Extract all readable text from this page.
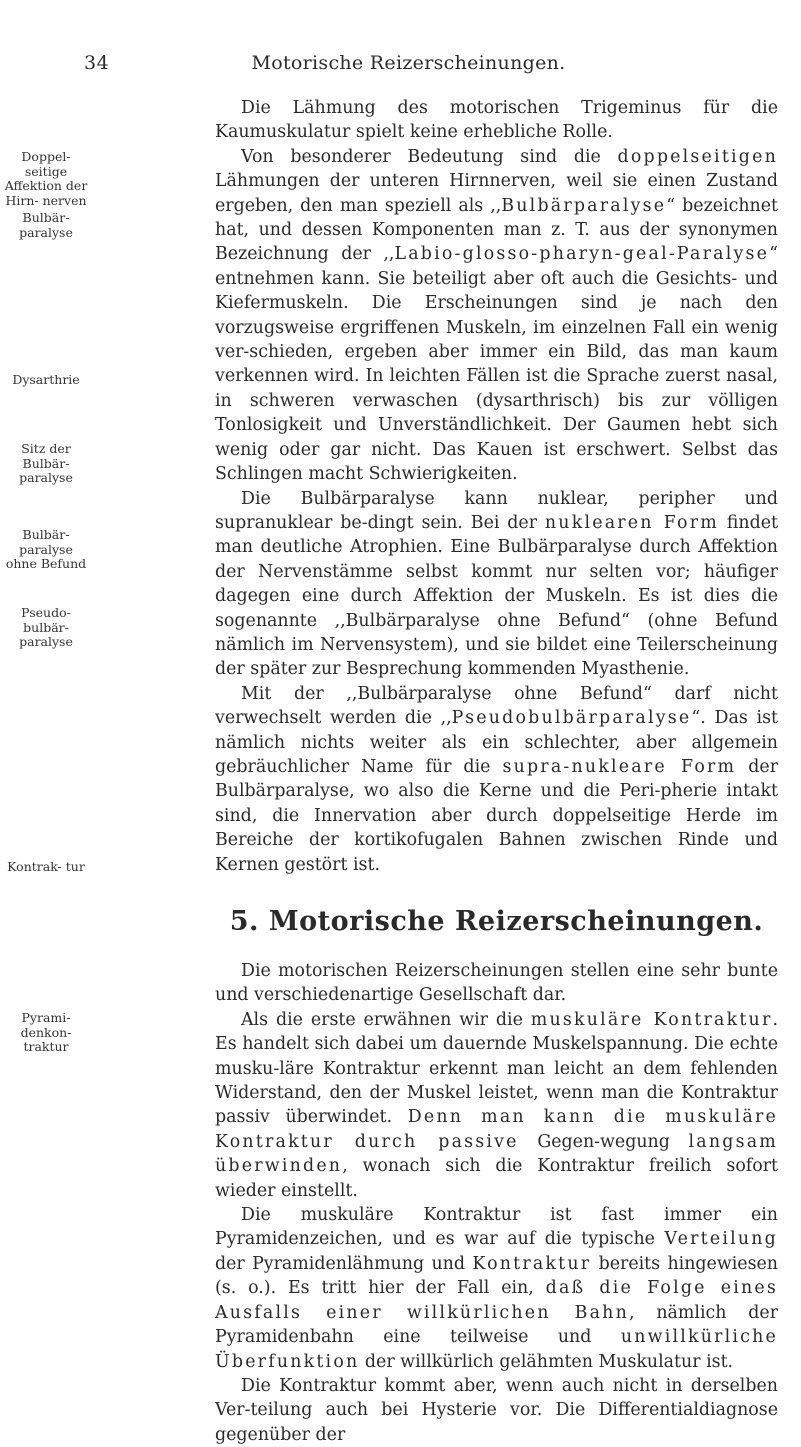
34	Motorische Reizerscheinungen.
Doppel- seitige Affektion der Hirn- nerven
Bulbär- paralyse
Dysarthrie
Sitz der Bulbär- paralyse
Bulbär- paralyse ohne Befund
Pseudo- bulbär- paralyse
Kontrak- tur
Pyrami- denkon- traktur

Die Lähmung des motorischen Trigeminus für die Kaumuskulatur spielt keine erhebliche Rolle.

Von besonderer Bedeutung sind die doppelseitigen Lähmungen der unteren Hirnnerven, weil sie einen Zustand ergeben, den man speziell als ,,Bulbärparalyse“ bezeichnet hat, und dessen Komponenten man z. T. aus der synonymen Bezeichnung der ,,Labio-glosso-pharyn-geal-Paralyse“ entnehmen kann. Sie beteiligt aber oft auch die Gesichts- und Kiefermuskeln. Die Erscheinungen sind je nach den vorzugsweise ergriffenen Muskeln, im einzelnen Fall ein wenig ver-schieden, ergeben aber immer ein Bild, das man kaum verkennen wird. In leichten Fällen ist die Sprache zuerst nasal, in schweren verwaschen (dysarthrisch) bis zur völligen Tonlosigkeit und Unverständlichkeit. Der Gaumen hebt sich wenig oder gar nicht. Das Kauen ist erschwert. Selbst das Schlingen macht Schwierigkeiten.

Die Bulbärparalyse kann nuklear, peripher und supranuklear be-dingt sein. Bei der nuklearen Form findet man deutliche Atrophien. Eine Bulbärparalyse durch Affektion der Nervenstämme selbst kommt nur selten vor; häufiger dagegen eine durch Affektion der Muskeln. Es ist dies die sogenannte ,,Bulbärparalyse ohne Befund“ (ohne Befund nämlich im Nervensystem), und sie bildet eine Teilerscheinung der später zur Besprechung kommenden Myasthenie.

Mit der ,,Bulbärparalyse ohne Befund“ darf nicht verwechselt werden die ,,Pseudobulbärparalyse“. Das ist nämlich nichts weiter als ein schlechter, aber allgemein gebräuchlicher Name für die supra-nukleare Form der Bulbärparalyse, wo also die Kerne und die Peri-pherie intakt sind, die Innervation aber durch doppelseitige Herde im Bereiche der kortikofugalen Bahnen zwischen Rinde und Kernen gestört ist.

5. Motorische Reizerscheinungen.

Die motorischen Reizerscheinungen stellen eine sehr bunte und verschiedenartige Gesellschaft dar.

Als die erste erwähnen wir die muskuläre Kontraktur. Es handelt sich dabei um dauernde Muskelspannung. Die echte musku-läre Kontraktur erkennt man leicht an dem fehlenden Widerstand, den der Muskel leistet, wenn man die Kontraktur passiv überwindet. Denn man kann die muskuläre Kontraktur durch passive Gegen-wegung langsam überwinden, wonach sich die Kontraktur freilich sofort wieder einstellt.

Die muskuläre Kontraktur ist fast immer ein Pyramidenzeichen, und es war auf die typische Verteilung der Pyramidenlähmung und Kontraktur bereits hingewiesen (s. o.). Es tritt hier der Fall ein, daß die Folge eines Ausfalls einer willkürlichen Bahn, nämlich der Pyramidenbahn eine teilweise und unwillkürliche Überfunktion der willkürlich gelähmten Muskulatur ist.

Die Kontraktur kommt aber, wenn auch nicht in derselben Ver-teilung auch bei Hysterie vor. Die Differentialdiagnose gegenüber der
